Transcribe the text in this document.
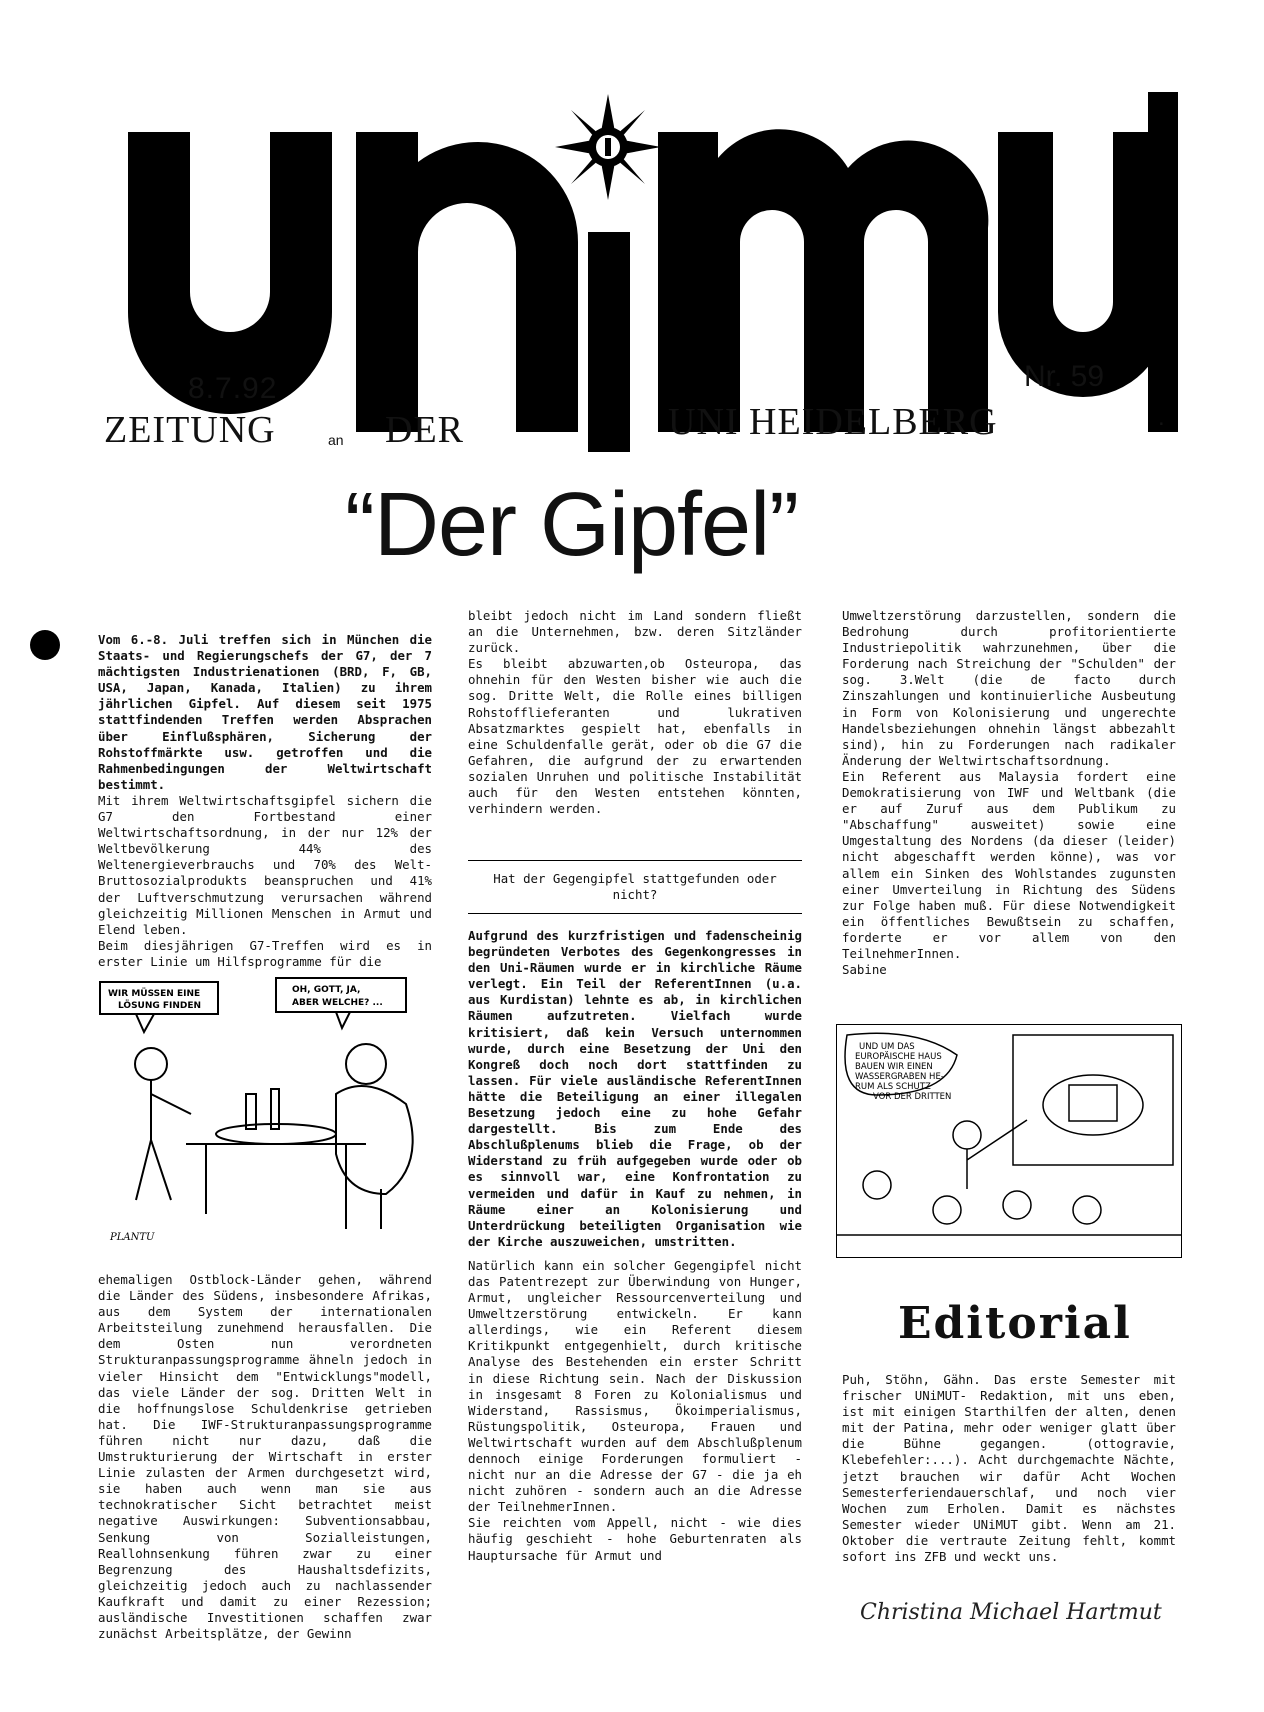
8.7.92	Nr. 59
ZEITUNG	an DER	UNI HEIDELBERG	.
“Der Gipfel”

Vom 6.-8. Juli treffen sich in München die Staats- und Regierungschefs der G7, der 7 mächtigsten Industrienationen (BRD, F, GB, USA, Japan, Kanada, Italien) zu ihrem jährlichen Gipfel. Auf diesem seit 1975 stattfindenden Treffen werden Absprachen über Einflußsphären, Sicherung der Rohstoffmärkte usw. getroffen und die Rahmenbedingungen der Weltwirtschaft bestimmt.

Mit ihrem Weltwirtschaftsgipfel sichern die G7 den Fortbestand einer Weltwirtschaftsordnung, in der nur 12% der Weltbevölkerung 44% des Weltenergieverbrauchs und 70% des Welt-Bruttosozialprodukts beanspruchen und 41% der Luftverschmutzung verursachen während gleichzeitig Millionen Menschen in Armut und Elend leben.

Beim diesjährigen G7-Treffen wird es in erster Linie um Hilfsprogramme für die

WIR MÜSSEN EINE
LÖSUNG FINDEN
OH, GOTT, JA,
ABER WELCHE? ...
PLANTU

ehemaligen Ostblock-Länder gehen, während die Länder des Südens, insbesondere Afrikas, aus dem System der internationalen Arbeitsteilung zunehmend herausfallen. Die dem Osten nun verordneten Strukturanpassungsprogramme ähneln jedoch in vieler Hinsicht dem "Entwicklungs"modell, das viele Länder der sog. Dritten Welt in die hoffnungslose Schuldenkrise getrieben hat. Die IWF-Strukturanpassungsprogramme führen nicht nur dazu, daß die Umstrukturierung der Wirtschaft in erster Linie zulasten der Armen durchgesetzt wird, sie haben auch wenn man sie aus technokratischer Sicht betrachtet meist negative Auswirkungen: Subventionsabbau, Senkung von Sozialleistungen, Reallohnsenkung führen zwar zu einer Begrenzung des Haushaltsdefizits, gleichzeitig jedoch auch zu nachlassender Kaufkraft und damit zu einer Rezession; ausländische Investitionen schaffen zwar zunächst Arbeitsplätze, der Gewinn

bleibt jedoch nicht im Land sondern fließt an die Unternehmen, bzw. deren Sitzländer zurück.

Es bleibt abzuwarten,ob Osteuropa, das ohnehin für den Westen bisher wie auch die sog. Dritte Welt, die Rolle eines billigen Rohstofflieferanten und lukrativen Absatzmarktes gespielt hat, ebenfalls in eine Schuldenfalle gerät, oder ob die G7 die Gefahren, die aufgrund der zu erwartenden sozialen Unruhen und politische Instabilität auch für den Westen entstehen könnten, verhindern werden.

Hat der Gegengipfel stattgefunden oder nicht?

Aufgrund des kurzfristigen und fadenscheinig begründeten Verbotes des Gegenkongresses in den Uni-Räumen wurde er in kirchliche Räume verlegt. Ein Teil der ReferentInnen (u.a. aus Kurdistan) lehnte es ab, in kirchlichen Räumen aufzutreten. Vielfach wurde kritisiert, daß kein Versuch unternommen wurde, durch eine Besetzung der Uni den Kongreß doch noch dort stattfinden zu lassen. Für viele ausländische ReferentInnen hätte die Beteiligung an einer illegalen Besetzung jedoch eine zu hohe Gefahr dargestellt. Bis zum Ende des Abschlußplenums blieb die Frage, ob der Widerstand zu früh aufgegeben wurde oder ob es sinnvoll war, eine Konfrontation zu vermeiden und dafür in Kauf zu nehmen, in Räume einer an Kolonisierung und Unterdrückung beteiligten Organisation wie der Kirche auszuweichen, umstritten.

Natürlich kann ein solcher Gegengipfel nicht das Patentrezept zur Überwindung von Hunger, Armut, ungleicher Ressourcenverteilung und Umweltzerstörung entwickeln. Er kann allerdings, wie ein Referent diesem Kritikpunkt entgegenhielt, durch kritische Analyse des Bestehenden ein erster Schritt in diese Richtung sein. Nach der Diskussion in insgesamt 8 Foren zu Kolonialismus und Widerstand, Rassismus, Ökoimperialismus, Rüstungspolitik, Osteuropa, Frauen und Weltwirtschaft wurden auf dem Abschlußplenum dennoch einige Forderungen formuliert - nicht nur an die Adresse der G7 - die ja eh nicht zuhören - sondern auch an die Adresse der TeilnehmerInnen.

Sie reichten vom Appell, nicht - wie dies häufig geschieht - hohe Geburtenraten als Hauptursache für Armut und

Umweltzerstörung darzustellen, sondern die Bedrohung durch profitorientierte Industriepolitik wahrzunehmen, über die Forderung nach Streichung der "Schulden" der sog. 3.Welt (die de facto durch Zinszahlungen und kontinuierliche Ausbeutung in Form von Kolonisierung und ungerechte Handelsbeziehungen ohnehin längst abbezahlt sind), hin zu Forderungen nach radikaler Änderung der Weltwirtschaftsordnung.

Ein Referent aus Malaysia fordert eine Demokratisierung von IWF und Weltbank (die er auf Zuruf aus dem Publikum zu "Abschaffung" ausweitet) sowie eine Umgestaltung des Nordens (da dieser (leider) nicht abgeschafft werden könne), was vor allem ein Sinken des Wohlstandes zugunsten einer Umverteilung in Richtung des Südens zur Folge haben muß. Für diese Notwendigkeit ein öffentliches Bewußtsein zu schaffen, forderte er vor allem von den TeilnehmerInnen.

Sabine

UND UM DAS
EUROPÄISCHE HAUS
BAUEN WIR EINEN
WASSERGRABEN HE-
RUM ALS SCHUTZ
VOR DER DRITTEN
Editorial

Puh, Stöhn, Gähn. Das erste Semester mit frischer UNiMUT- Redaktion, mit uns eben, ist mit einigen Starthilfen der alten, denen mit der Patina, mehr oder weniger glatt über die Bühne gegangen. (ottogravie, Klebefehler:...). Acht durchgemachte Nächte, jetzt brauchen wir dafür Acht Wochen Semesterferiendauerschlaf, und noch vier Wochen zum Erholen. Damit es nächstes Semester wieder UNiMUT gibt. Wenn am 21. Oktober die vertraute Zeitung fehlt, kommt sofort ins ZFB und weckt uns.

Christina Michael Hartmut
